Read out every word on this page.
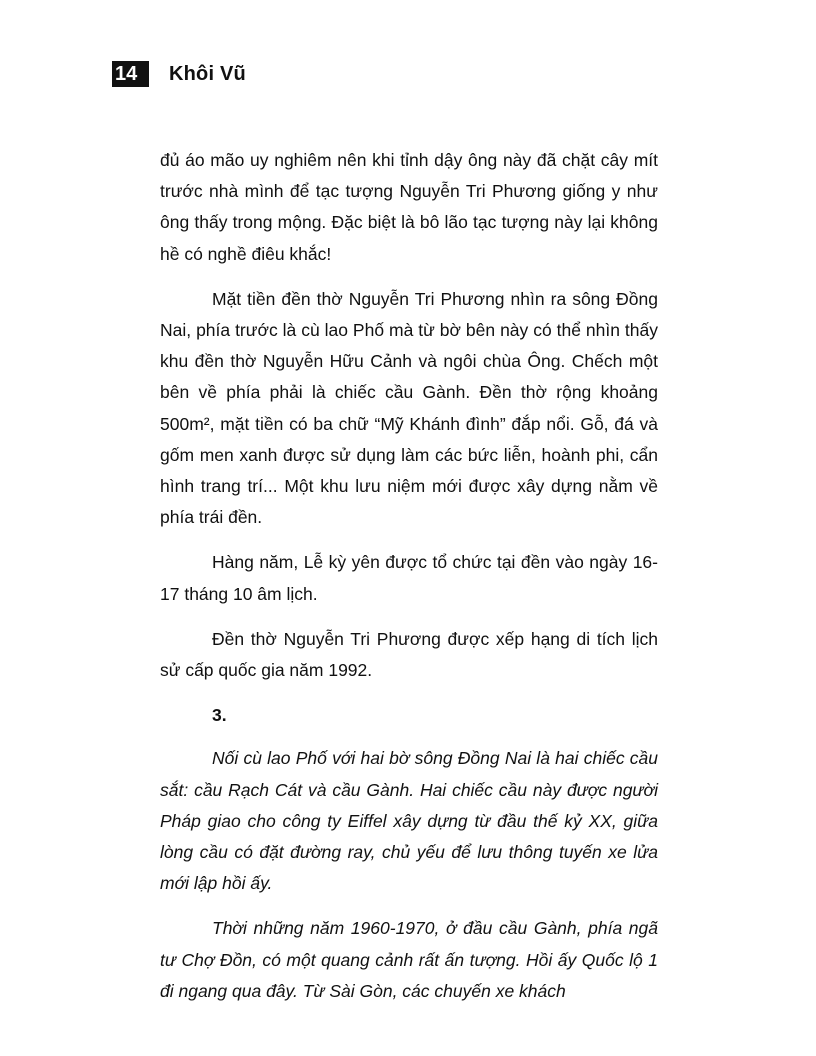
14	Khôi Vũ

đủ áo mão uy nghiêm nên khi tỉnh dậy ông này đã chặt cây mít trước nhà mình để tạc tượng Nguyễn Tri Phương giống y như ông thấy trong mộng. Đặc biệt là bô lão tạc tượng này lại không hề có nghề điêu khắc!

Mặt tiền đền thờ Nguyễn Tri Phương nhìn ra sông Đồng Nai, phía trước là cù lao Phố mà từ bờ bên này có thể nhìn thấy khu đền thờ Nguyễn Hữu Cảnh và ngôi chùa Ông. Chếch một bên về phía phải là chiếc cầu Gành. Đền thờ rộng khoảng 500m², mặt tiền có ba chữ “Mỹ Khánh đình” đắp nổi. Gỗ, đá và gốm men xanh được sử dụng làm các bức liễn, hoành phi, cẩn hình trang trí... Một khu lưu niệm mới được xây dựng nằm về phía trái đền.

Hàng năm, Lễ kỳ yên được tổ chức tại đền vào ngày 16-17 tháng 10 âm lịch.

Đền thờ Nguyễn Tri Phương được xếp hạng di tích lịch sử cấp quốc gia năm 1992.

3.

Nối cù lao Phố với hai bờ sông Đồng Nai là hai chiếc cầu sắt: cầu Rạch Cát và cầu Gành. Hai chiếc cầu này được người Pháp giao cho công ty Eiffel xây dựng từ đầu thế kỷ XX, giữa lòng cầu có đặt đường ray, chủ yếu để lưu thông tuyến xe lửa mới lập hồi ấy.

Thời những năm 1960-1970, ở đầu cầu Gành, phía ngã tư Chợ Đồn, có một quang cảnh rất ấn tượng. Hồi ấy Quốc lộ 1 đi ngang qua đây. Từ Sài Gòn, các chuyến xe khách
